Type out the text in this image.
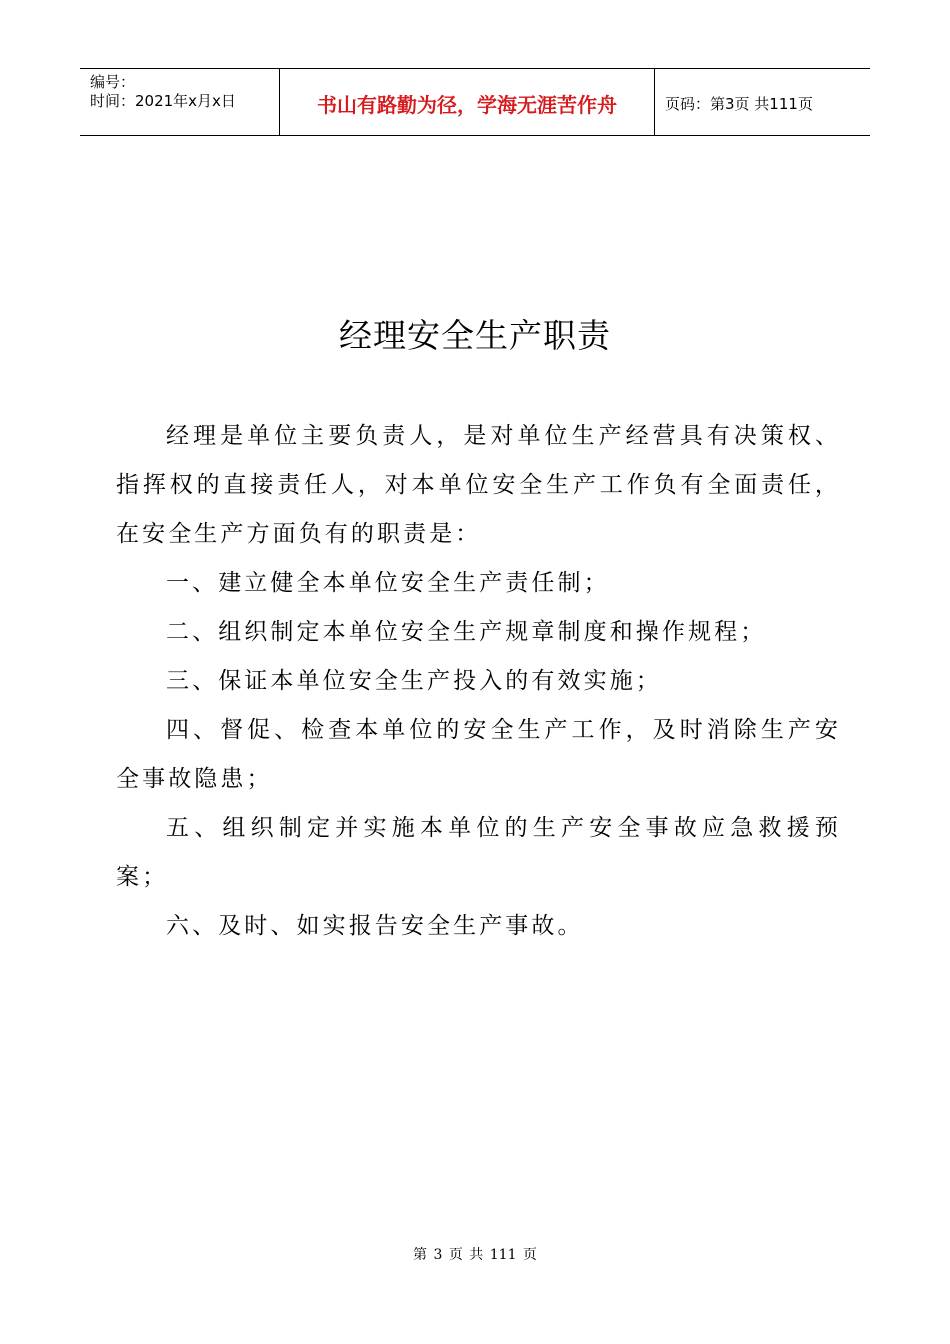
编号：
时间：2021年x月x日	书山有路勤为径，学海无涯苦作舟	页码：第3页 共111页
经理安全生产职责

经理是单位主要负责人，是对单位生产经营具有决策权、指挥权的直接责任人，对本单位安全生产工作负有全面责任，在安全生产方面负有的职责是：

一、建立健全本单位安全生产责任制；

二、组织制定本单位安全生产规章制度和操作规程；

三、保证本单位安全生产投入的有效实施；

四、督促、检查本单位的安全生产工作，及时消除生产安全事故隐患；

五、组织制定并实施本单位的生产安全事故应急救援预案；

六、及时、如实报告安全生产事故。

第 3 页 共 111 页
